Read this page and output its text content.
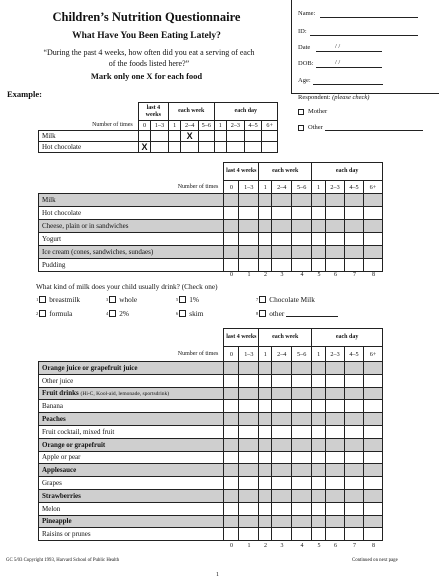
Children’s Nutrition Questionnaire
What Have You Been Eating Lately?
“During the past 4 weeks, how often did you eat a serving of each of the foods listed here?”
Mark only one X for each food
Name:
ID:
Date	/ /
DOB:	/ /
Age:
Respondent: (please check)
Mother
Other
Example:
	last 4 weeks		each week			each day			
Number of times	0	1–3	1	2–4	5–6	1	2–3	4–5	6+
Milk				X					
Hot chocolate	X								
	last 4 weeks		each week			each day			
Number of times	0	1–3	1	2–4	5–6	1	2–3	4–5	6+
Milk									
Hot chocolate									
Cheese, plain or in sandwiches									
Yogurt									
Ice cream (cones, sandwiches, sundaes)									
Pudding									
0	1	2	3	4	5	6	7	8
What kind of milk does your child usually drink? (Check one)
1 breastmilk	3 whole	5 1%	7 Chocolate Milk
2 formula	4 2%	6 skim	8 other
	last 4 weeks		each week			each day			
Number of times	0	1–3	1	2–4	5–6	1	2–3	4–5	6+
Orange juice or grapefruit juice									
Other juice									
Fruit drinks (Hi-C, Kool-aid, lemonade, sportsdrink)									
Banana									
Peaches									
Fruit cocktail, mixed fruit									
Orange or grapefruit									
Apple or pear									
Applesauce									
Grapes									
Strawberries									
Melon									
Pineapple									
Raisins or prunes									
0	1	2	3	4	5	6	7	8
GC 5/03 Copyright 1993, Harvard School of Public Health	Continued on next page
1
